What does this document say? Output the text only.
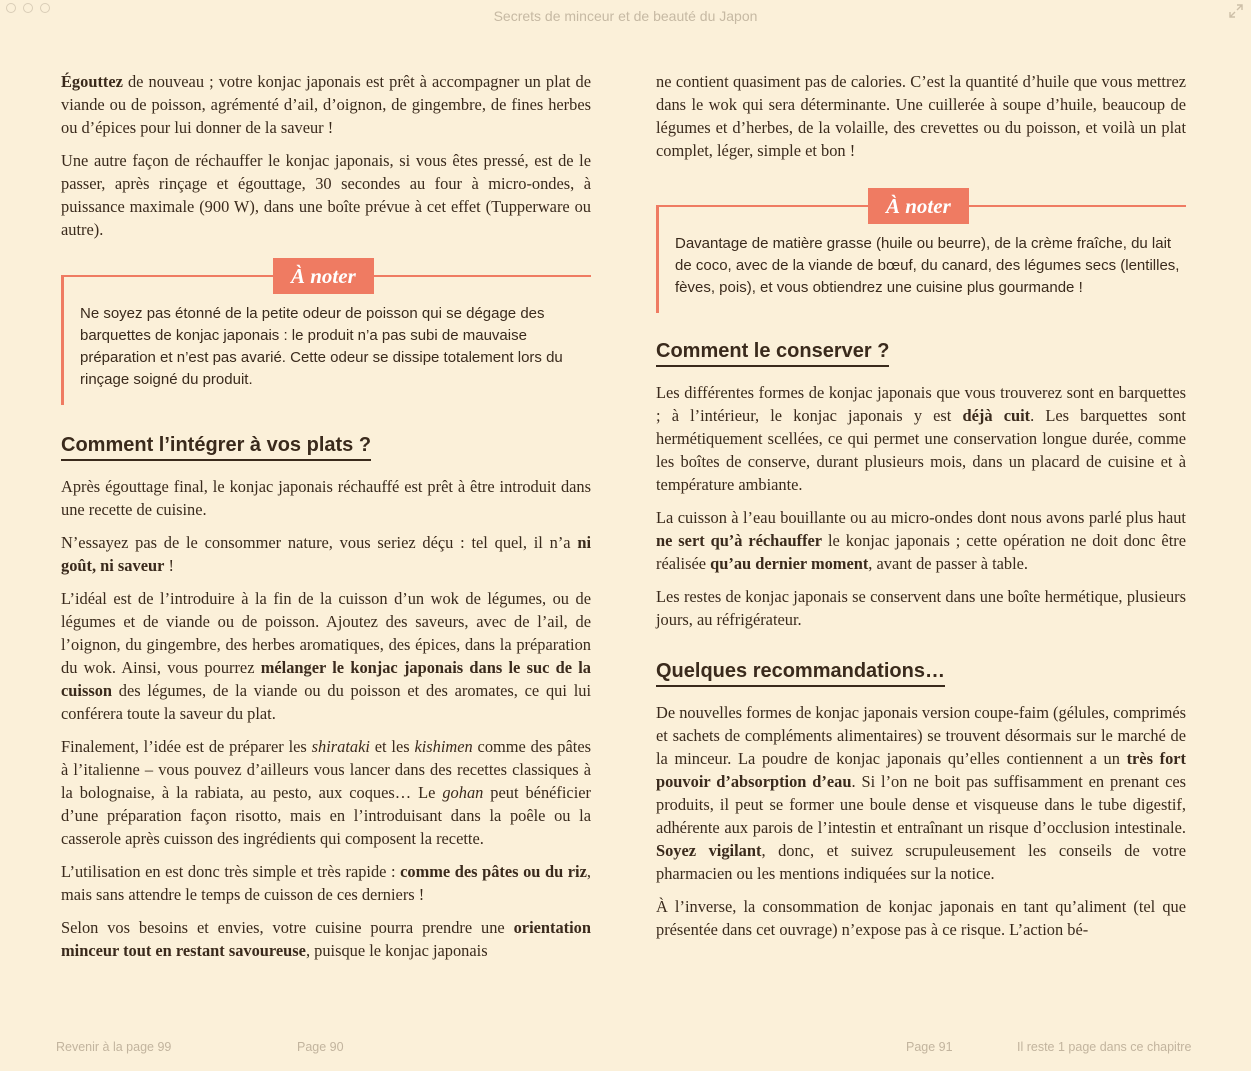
Secrets de minceur et de beauté du Japon

Égouttez de nouveau ; votre konjac japonais est prêt à accompagner un plat de viande ou de poisson, agrémenté d’ail, d’oignon, de gingembre, de fines herbes ou d’épices pour lui donner de la saveur !

Une autre façon de réchauffer le konjac japonais, si vous êtes pressé, est de le passer, après rinçage et égouttage, 30 secondes au four à micro-ondes, à puissance maximale (900 W), dans une boîte prévue à cet effet (Tupperware ou autre).

À noter

Ne soyez pas étonné de la petite odeur de poisson qui se dégage des barquettes de konjac japonais : le produit n’a pas subi de mauvaise préparation et n’est pas avarié. Cette odeur se dissipe totalement lors du rinçage soigné du produit.

Comment l’intégrer à vos plats ?

Après égouttage final, le konjac japonais réchauffé est prêt à être introduit dans une recette de cuisine.

N’essayez pas de le consommer nature, vous seriez déçu : tel quel, il n’a ni goût, ni saveur !

L’idéal est de l’introduire à la fin de la cuisson d’un wok de légumes, ou de légumes et de viande ou de poisson. Ajoutez des saveurs, avec de l’ail, de l’oignon, du gingembre, des herbes aromatiques, des épices, dans la préparation du wok. Ainsi, vous pourrez mélanger le konjac japonais dans le suc de la cuisson des légumes, de la viande ou du poisson et des aromates, ce qui lui conférera toute la saveur du plat.

Finalement, l’idée est de préparer les shirataki et les kishimen comme des pâtes à l’italienne – vous pouvez d’ailleurs vous lancer dans des recettes classiques à la bolognaise, à la rabiata, au pesto, aux coques… Le gohan peut bénéficier d’une préparation façon risotto, mais en l’introduisant dans la poêle ou la casserole après cuisson des ingrédients qui composent la recette.

L’utilisation en est donc très simple et très rapide : comme des pâtes ou du riz, mais sans attendre le temps de cuisson de ces derniers !

Selon vos besoins et envies, votre cuisine pourra prendre une orientation minceur tout en restant savoureuse, puisque le konjac japonais

ne contient quasiment pas de calories. C’est la quantité d’huile que vous mettrez dans le wok qui sera déterminante. Une cuillerée à soupe d’huile, beaucoup de légumes et d’herbes, de la volaille, des crevettes ou du poisson, et voilà un plat complet, léger, simple et bon !

À noter

Davantage de matière grasse (huile ou beurre), de la crème fraîche, du lait de coco, avec de la viande de bœuf, du canard, des légumes secs (lentilles, fèves, pois), et vous obtiendrez une cuisine plus gourmande !

Comment le conserver ?

Les différentes formes de konjac japonais que vous trouverez sont en barquettes ; à l’intérieur, le konjac japonais y est déjà cuit. Les barquettes sont hermétiquement scellées, ce qui permet une conservation longue durée, comme les boîtes de conserve, durant plusieurs mois, dans un placard de cuisine et à température ambiante.

La cuisson à l’eau bouillante ou au micro-ondes dont nous avons parlé plus haut ne sert qu’à réchauffer le konjac japonais ; cette opération ne doit donc être réalisée qu’au dernier moment, avant de passer à table.

Les restes de konjac japonais se conservent dans une boîte hermétique, plusieurs jours, au réfrigérateur.

Quelques recommandations…

De nouvelles formes de konjac japonais version coupe-faim (gélules, comprimés et sachets de compléments alimentaires) se trouvent désormais sur le marché de la minceur. La poudre de konjac japonais qu’elles contiennent a un très fort pouvoir d’absorption d’eau. Si l’on ne boit pas suffisamment en prenant ces produits, il peut se former une boule dense et visqueuse dans le tube digestif, adhérente aux parois de l’intestin et entraînant un risque d’occlusion intestinale. Soyez vigilant, donc, et suivez scrupuleusement les conseils de votre pharmacien ou les mentions indiquées sur la notice.

À l’inverse, la consommation de konjac japonais en tant qu’aliment (tel que présentée dans cet ouvrage) n’expose pas à ce risque. L’action bé-

Revenir à la page 99	Page 90	Page 91	Il reste 1 page dans ce chapitre
